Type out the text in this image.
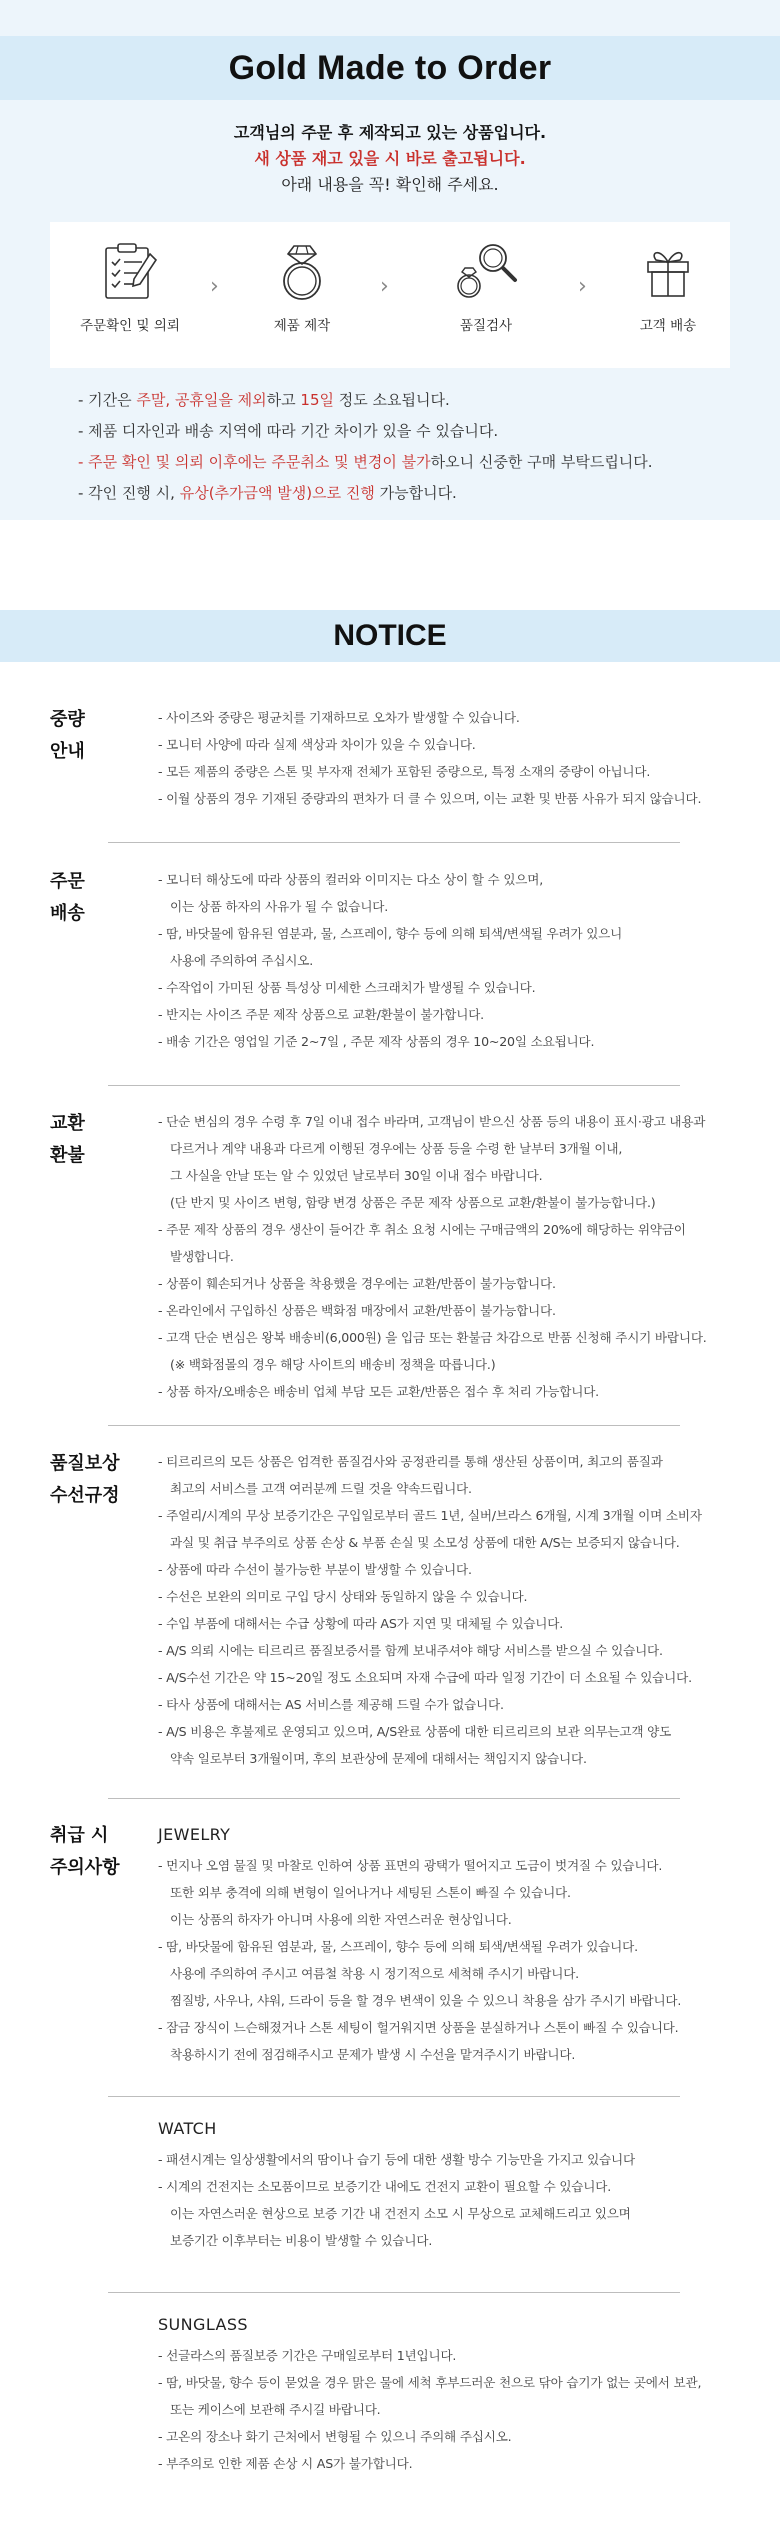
Gold Made to Order
고객님의 주문 후 제작되고 있는 상품입니다.
새 상품 재고 있을 시 바로 출고됩니다.
아래 내용을 꼭! 확인해 주세요.
주문확인 및 의뢰
›
제품 제작
›
품질검사
›
고객 배송
- 기간은 주말, 공휴일을 제외하고 15일 정도 소요됩니다.
- 제품 디자인과 배송 지역에 따라 기간 차이가 있을 수 있습니다.
- 주문 확인 및 의뢰 이후에는 주문취소 및 변경이 불가하오니 신중한 구매 부탁드립니다.
- 각인 진행 시, 유상(추가금액 발생)으로 진행 가능합니다.
NOTICE
중량
안내
- 사이즈와 중량은 평균치를 기재하므로 오차가 발생할 수 있습니다.
- 모니터 사양에 따라 실제 색상과 차이가 있을 수 있습니다.
- 모든 제품의 중량은 스톤 및 부자재 전체가 포함된 중량으로, 특정 소재의 중량이 아닙니다.
- 이월 상품의 경우 기재된 중량과의 편차가 더 클 수 있으며, 이는 교환 및 반품 사유가 되지 않습니다.
주문
배송
- 모니터 해상도에 따라 상품의 컬러와 이미지는 다소 상이 할 수 있으며,
이는 상품 하자의 사유가 될 수 없습니다.
- 땀, 바닷물에 함유된 염분과, 물, 스프레이, 향수 등에 의해 퇴색/변색될 우려가 있으니
사용에 주의하여 주십시오.
- 수작업이 가미된 상품 특성상 미세한 스크래치가 발생될 수 있습니다.
- 반지는 사이즈 주문 제작 상품으로 교환/환불이 불가합니다.
- 배송 기간은 영업일 기준 2~7일 , 주문 제작 상품의 경우 10~20일 소요됩니다.
교환
환불
- 단순 변심의 경우 수령 후 7일 이내 접수 바라며, 고객님이 받으신 상품 등의 내용이 표시·광고 내용과
다르거나 계약 내용과 다르게 이행된 경우에는 상품 등을 수령 한 날부터 3개월 이내,
그 사실을 안날 또는 알 수 있었던 날로부터 30일 이내 접수 바랍니다.
(단 반지 및 사이즈 변형, 함량 변경 상품은 주문 제작 상품으로 교환/환불이 불가능합니다.)
- 주문 제작 상품의 경우 생산이 들어간 후 취소 요청 시에는 구매금액의 20%에 해당하는 위약금이
발생합니다.
- 상품이 훼손되거나 상품을 착용했을 경우에는 교환/반품이 불가능합니다.
- 온라인에서 구입하신 상품은 백화점 매장에서 교환/반품이 불가능합니다.
- 고객 단순 변심은 왕복 배송비(6,000원) 을 입금 또는 환불금 차감으로 반품 신청해 주시기 바랍니다.
(※ 백화점몰의 경우 해당 사이트의 배송비 정책을 따릅니다.)
- 상품 하자/오배송은 배송비 업체 부담 모든 교환/반품은 접수 후 처리 가능합니다.
품질보상
수선규정
- 티르리르의 모든 상품은 엄격한 품질검사와 공정관리를 통해 생산된 상품이며, 최고의 품질과
최고의 서비스를 고객 여러분께 드릴 것을 약속드립니다.
- 주얼리/시계의 무상 보증기간은 구입일로부터 골드 1년, 실버/브라스 6개월, 시계 3개월 이며 소비자
과실 및 취급 부주의로 상품 손상 & 부품 손실 및 소모성 상품에 대한 A/S는 보증되지 않습니다.
- 상품에 따라 수선이 불가능한 부분이 발생할 수 있습니다.
- 수선은 보완의 의미로 구입 당시 상태와 동일하지 않을 수 있습니다.
- 수입 부품에 대해서는 수급 상황에 따라 AS가 지연 및 대체될 수 있습니다.
- A/S 의뢰 시에는 티르리르 품질보증서를 함께 보내주셔야 해당 서비스를 받으실 수 있습니다.
- A/S수선 기간은 약 15~20일 정도 소요되며 자재 수급에 따라 일정 기간이 더 소요될 수 있습니다.
- 타사 상품에 대해서는 AS 서비스를 제공해 드릴 수가 없습니다.
- A/S 비용은 후불제로 운영되고 있으며, A/S완료 상품에 대한 티르리르의 보관 의무는고객 양도
약속 일로부터 3개월이며, 후의 보관상에 문제에 대해서는 책임지지 않습니다.
취급 시
주의사항
JEWELRY
- 먼지나 오염 물질 및 마찰로 인하여 상품 표면의 광택가 떨어지고 도금이 벗겨질 수 있습니다.
또한 외부 충격에 의해 변형이 일어나거나 세팅된 스톤이 빠질 수 있습니다.
이는 상품의 하자가 아니며 사용에 의한 자연스러운 현상입니다.
- 땀, 바닷물에 함유된 염분과, 물, 스프레이, 향수 등에 의해 퇴색/변색될 우려가 있습니다.
사용에 주의하여 주시고 여름철 착용 시 정기적으로 세척해 주시기 바랍니다.
찜질방, 사우나, 샤워, 드라이 등을 할 경우 변색이 있을 수 있으니 착용을 삼가 주시기 바랍니다.
- 잠금 장식이 느슨해졌거나 스톤 세팅이 헐거워지면 상품을 분실하거나 스톤이 빠질 수 있습니다.
착용하시기 전에 점검해주시고 문제가 발생 시 수선을 맡겨주시기 바랍니다.
WATCH
- 패션시계는 일상생활에서의 땀이나 습기 등에 대한 생활 방수 기능만을 가지고 있습니다
- 시계의 건전지는 소모품이므로 보증기간 내에도 건전지 교환이 필요할 수 있습니다.
이는 자연스러운 현상으로 보증 기간 내 건전지 소모 시 무상으로 교체해드리고 있으며
보증기간 이후부터는 비용이 발생할 수 있습니다.
SUNGLASS
- 선글라스의 품질보증 기간은 구매일로부터 1년입니다.
- 땀, 바닷물, 향수 등이 묻었을 경우 맑은 물에 세척 후부드러운 천으로 닦아 습기가 없는 곳에서 보관,
또는 케이스에 보관해 주시길 바랍니다.
- 고온의 장소나 화기 근처에서 변형될 수 있으니 주의해 주십시오.
- 부주의로 인한 제품 손상 시 AS가 불가합니다.
